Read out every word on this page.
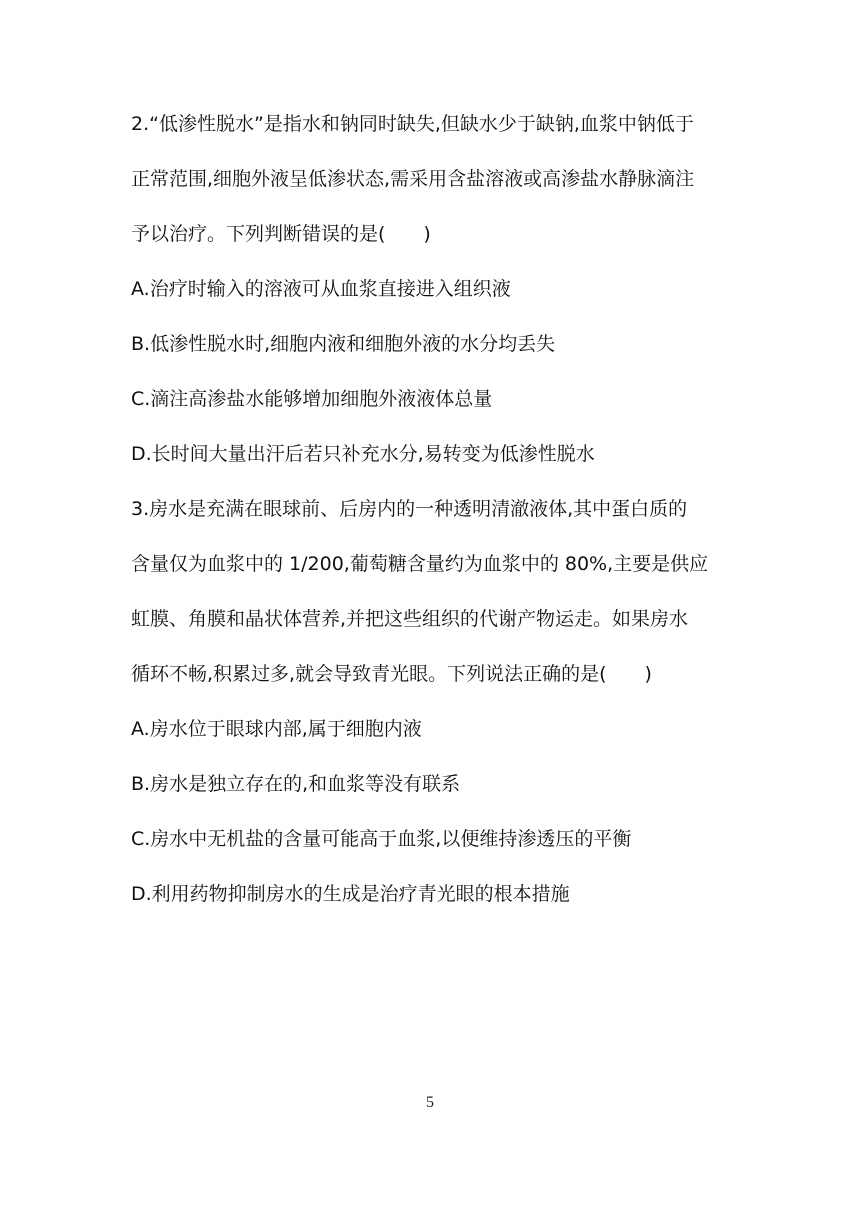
2.“低渗性脱水”是指水和钠同时缺失,但缺水少于缺钠,血浆中钠低于

正常范围,细胞外液呈低渗状态,需采用含盐溶液或高渗盐水静脉滴注

予以治疗。下列判断错误的是(　　)

A.治疗时输入的溶液可从血浆直接进入组织液

B.低渗性脱水时,细胞内液和细胞外液的水分均丢失

C.滴注高渗盐水能够增加细胞外液液体总量

D.长时间大量出汗后若只补充水分,易转变为低渗性脱水

3.房水是充满在眼球前、后房内的一种透明清澈液体,其中蛋白质的

含量仅为血浆中的 1/200,葡萄糖含量约为血浆中的 80%,主要是供应

虹膜、角膜和晶状体营养,并把这些组织的代谢产物运走。如果房水

循环不畅,积累过多,就会导致青光眼。下列说法正确的是(　　)

A.房水位于眼球内部,属于细胞内液

B.房水是独立存在的,和血浆等没有联系

C.房水中无机盐的含量可能高于血浆,以便维持渗透压的平衡

D.利用药物抑制房水的生成是治疗青光眼的根本措施

5
